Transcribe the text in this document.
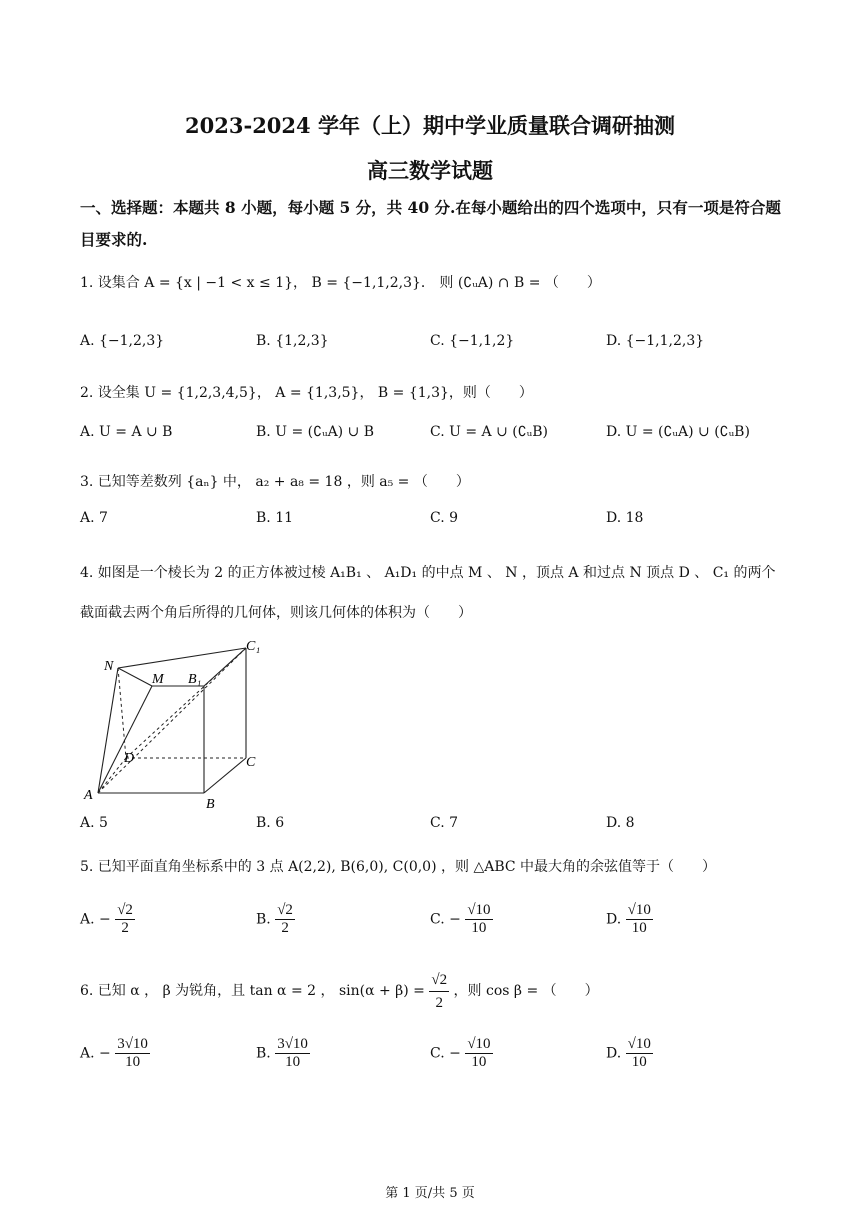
2023-2024 学年（上）期中学业质量联合调研抽测
高三数学试题
一、选择题：本题共 8 小题，每小题 5 分，共 40 分.在每小题给出的四个选项中，只有一项是符合题目要求的.
1. 设集合 A = {x | −1 < x ≤ 1}， B = {−1,1,2,3}． 则 (∁ᵤA) ∩ B = （　　）
A. {−1,2,3}	B. {1,2,3}	C. {−1,1,2}	D. {−1,1,2,3}
2. 设全集 U = {1,2,3,4,5}， A = {1,3,5}， B = {1,3}，则（　　）
A. U = A ∪ B	B. U = (∁ᵤA) ∪ B	C. U = A ∪ (∁ᵤB)	D. U = (∁ᵤA) ∪ (∁ᵤB)
3. 已知等差数列 {aₙ} 中， a₂ + a₈ = 18 ，则 a₅ = （　　）
A. 7	B. 11	C. 9	D. 18
4. 如图是一个棱长为 2 的正方体被过棱 A₁B₁ 、 A₁D₁ 的中点 M 、 N ，顶点 A 和过点 N 顶点 D 、 C₁ 的两个
截面截去两个角后所得的几何体，则该几何体的体积为（　　）
N
M B₁
C₁
D	C
A
B
A. 5	B. 6	C. 7	D. 8
5. 已知平面直角坐标系中的 3 点 A(2,2), B(6,0), C(0,0) ，则 △ABC 中最大角的余弦值等于（　　）
A. − $\frac{√2}{2}$	B. $\frac{√2}{2}$	C. − $\frac{√10}{10}$	D. $\frac{√10}{10}$
6. 已知 α ， β 为锐角，且 tan α = 2 ， $\sin(\alpha + \beta) = \frac{√2}{2}$ ，则 cos β = （　　）
A. − $\frac{3√10}{10}$	B. $\frac{3√10}{10}$	C. − $\frac{√10}{10}$	D. $\frac{√10}{10}$
第 1 页/共 5 页
